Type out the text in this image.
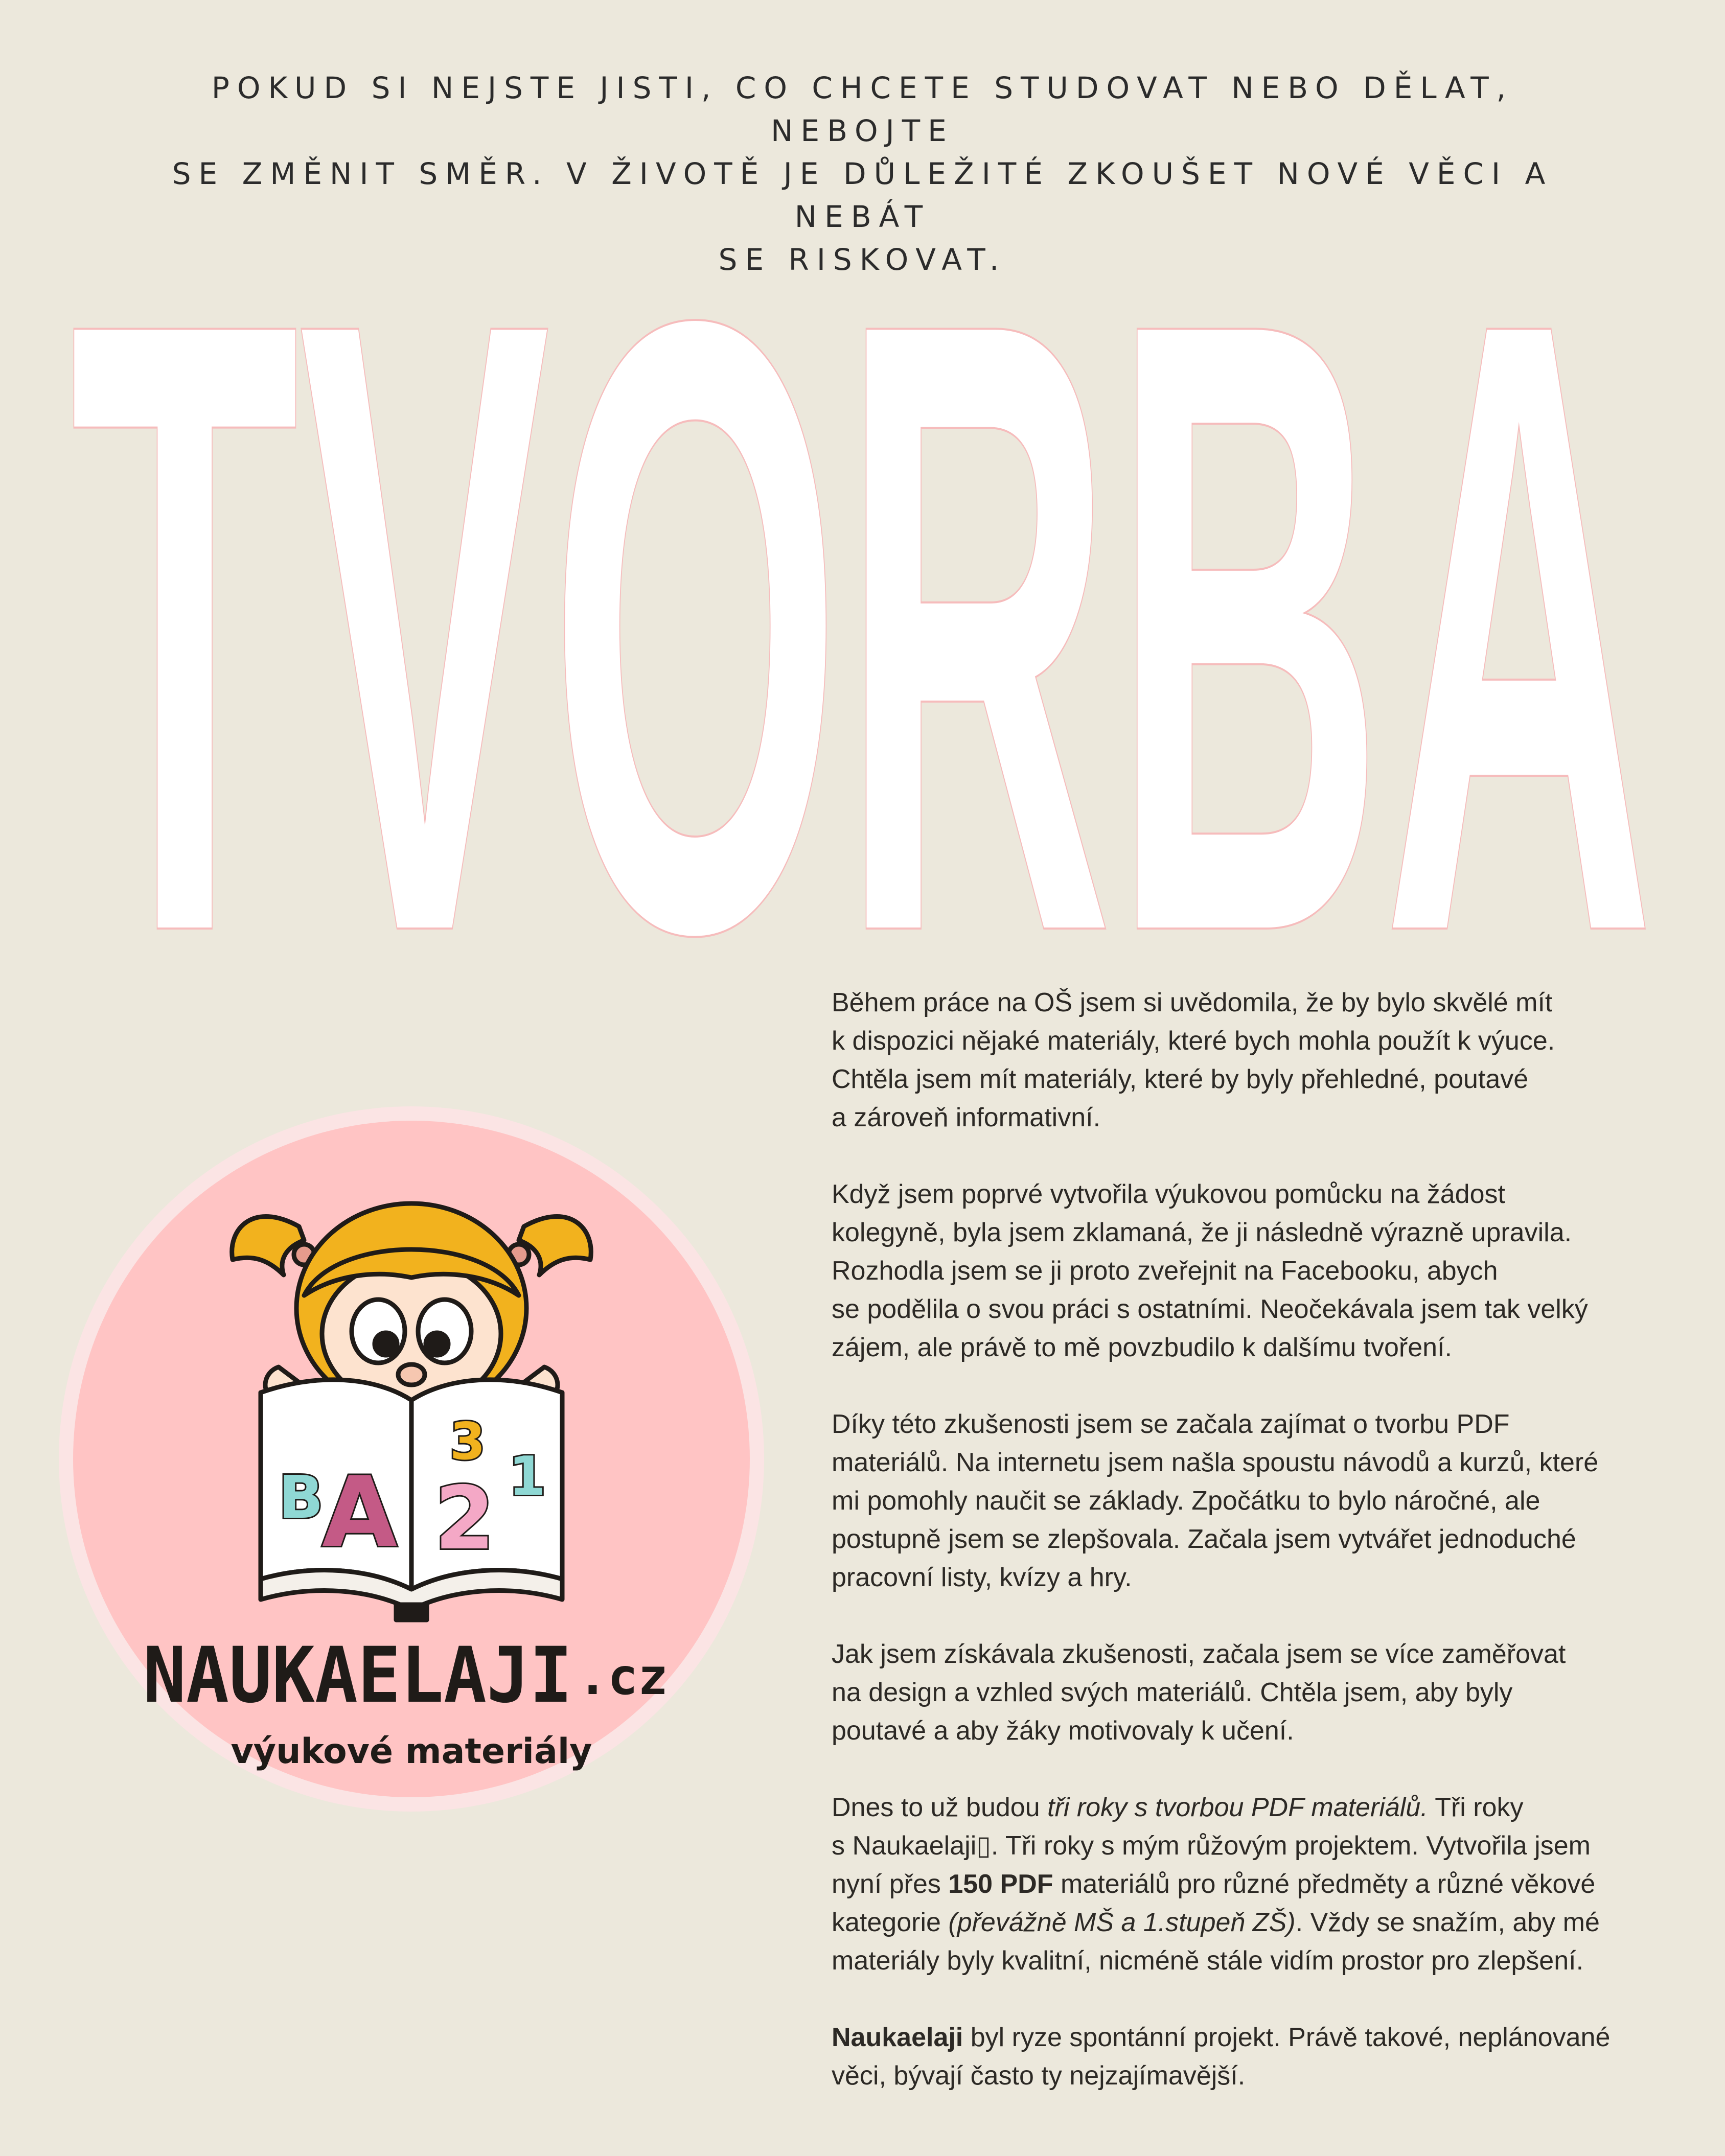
POKUD SI NEJSTE JISTI, CO CHCETE STUDOVAT NEBO DĚLAT, NEBOJTE
SE ZMĚNIT SMĚR. V ŽIVOTĚ JE DŮLEŽITÉ ZKOUŠET NOVÉ VĚCI A NEBÁT
SE RISKOVAT.
TVORBA
B
A
3
2 1
NAUKAELAJI .cz
výukové materiály

Během práce na OŠ jsem si uvědomila, že by bylo skvělé mít
k dispozici nějaké materiály, které bych mohla použít k výuce.
Chtěla jsem mít materiály, které by byly přehledné, poutavé
a zároveň informativní.

Když jsem poprvé vytvořila výukovou pomůcku na žádost
kolegyně, byla jsem zklamaná, že ji následně výrazně upravila.
Rozhodla jsem se ji proto zveřejnit na Facebooku, abych
se podělila o svou práci s ostatními. Neočekávala jsem tak velký
zájem, ale právě to mě povzbudilo k dalšímu tvoření.

Díky této zkušenosti jsem se začala zajímat o tvorbu PDF
materiálů. Na internetu jsem našla spoustu návodů a kurzů, které
mi pomohly naučit se základy. Zpočátku to bylo náročné, ale
postupně jsem se zlepšovala. Začala jsem vytvářet jednoduché
pracovní listy, kvízy a hry.

Jak jsem získávala zkušenosti, začala jsem se více zaměřovat
na design a vzhled svých materiálů. Chtěla jsem, aby byly
poutavé a aby žáky motivovaly k učení.

Dnes to už budou tři roky s tvorbou PDF materiálů. Tři roky
s Naukaelaji▯. Tři roky s mým růžovým projektem. Vytvořila jsem
nyní přes 150 PDF materiálů pro různé předměty a různé věkové
kategorie (převážně MŠ a 1.stupeň ZŠ). Vždy se snažím, aby mé
materiály byly kvalitní, nicméně stále vidím prostor pro zlepšení.

Naukaelaji byl ryze spontánní projekt. Právě takové, neplánované
věci, bývají často ty nejzajímavější.
